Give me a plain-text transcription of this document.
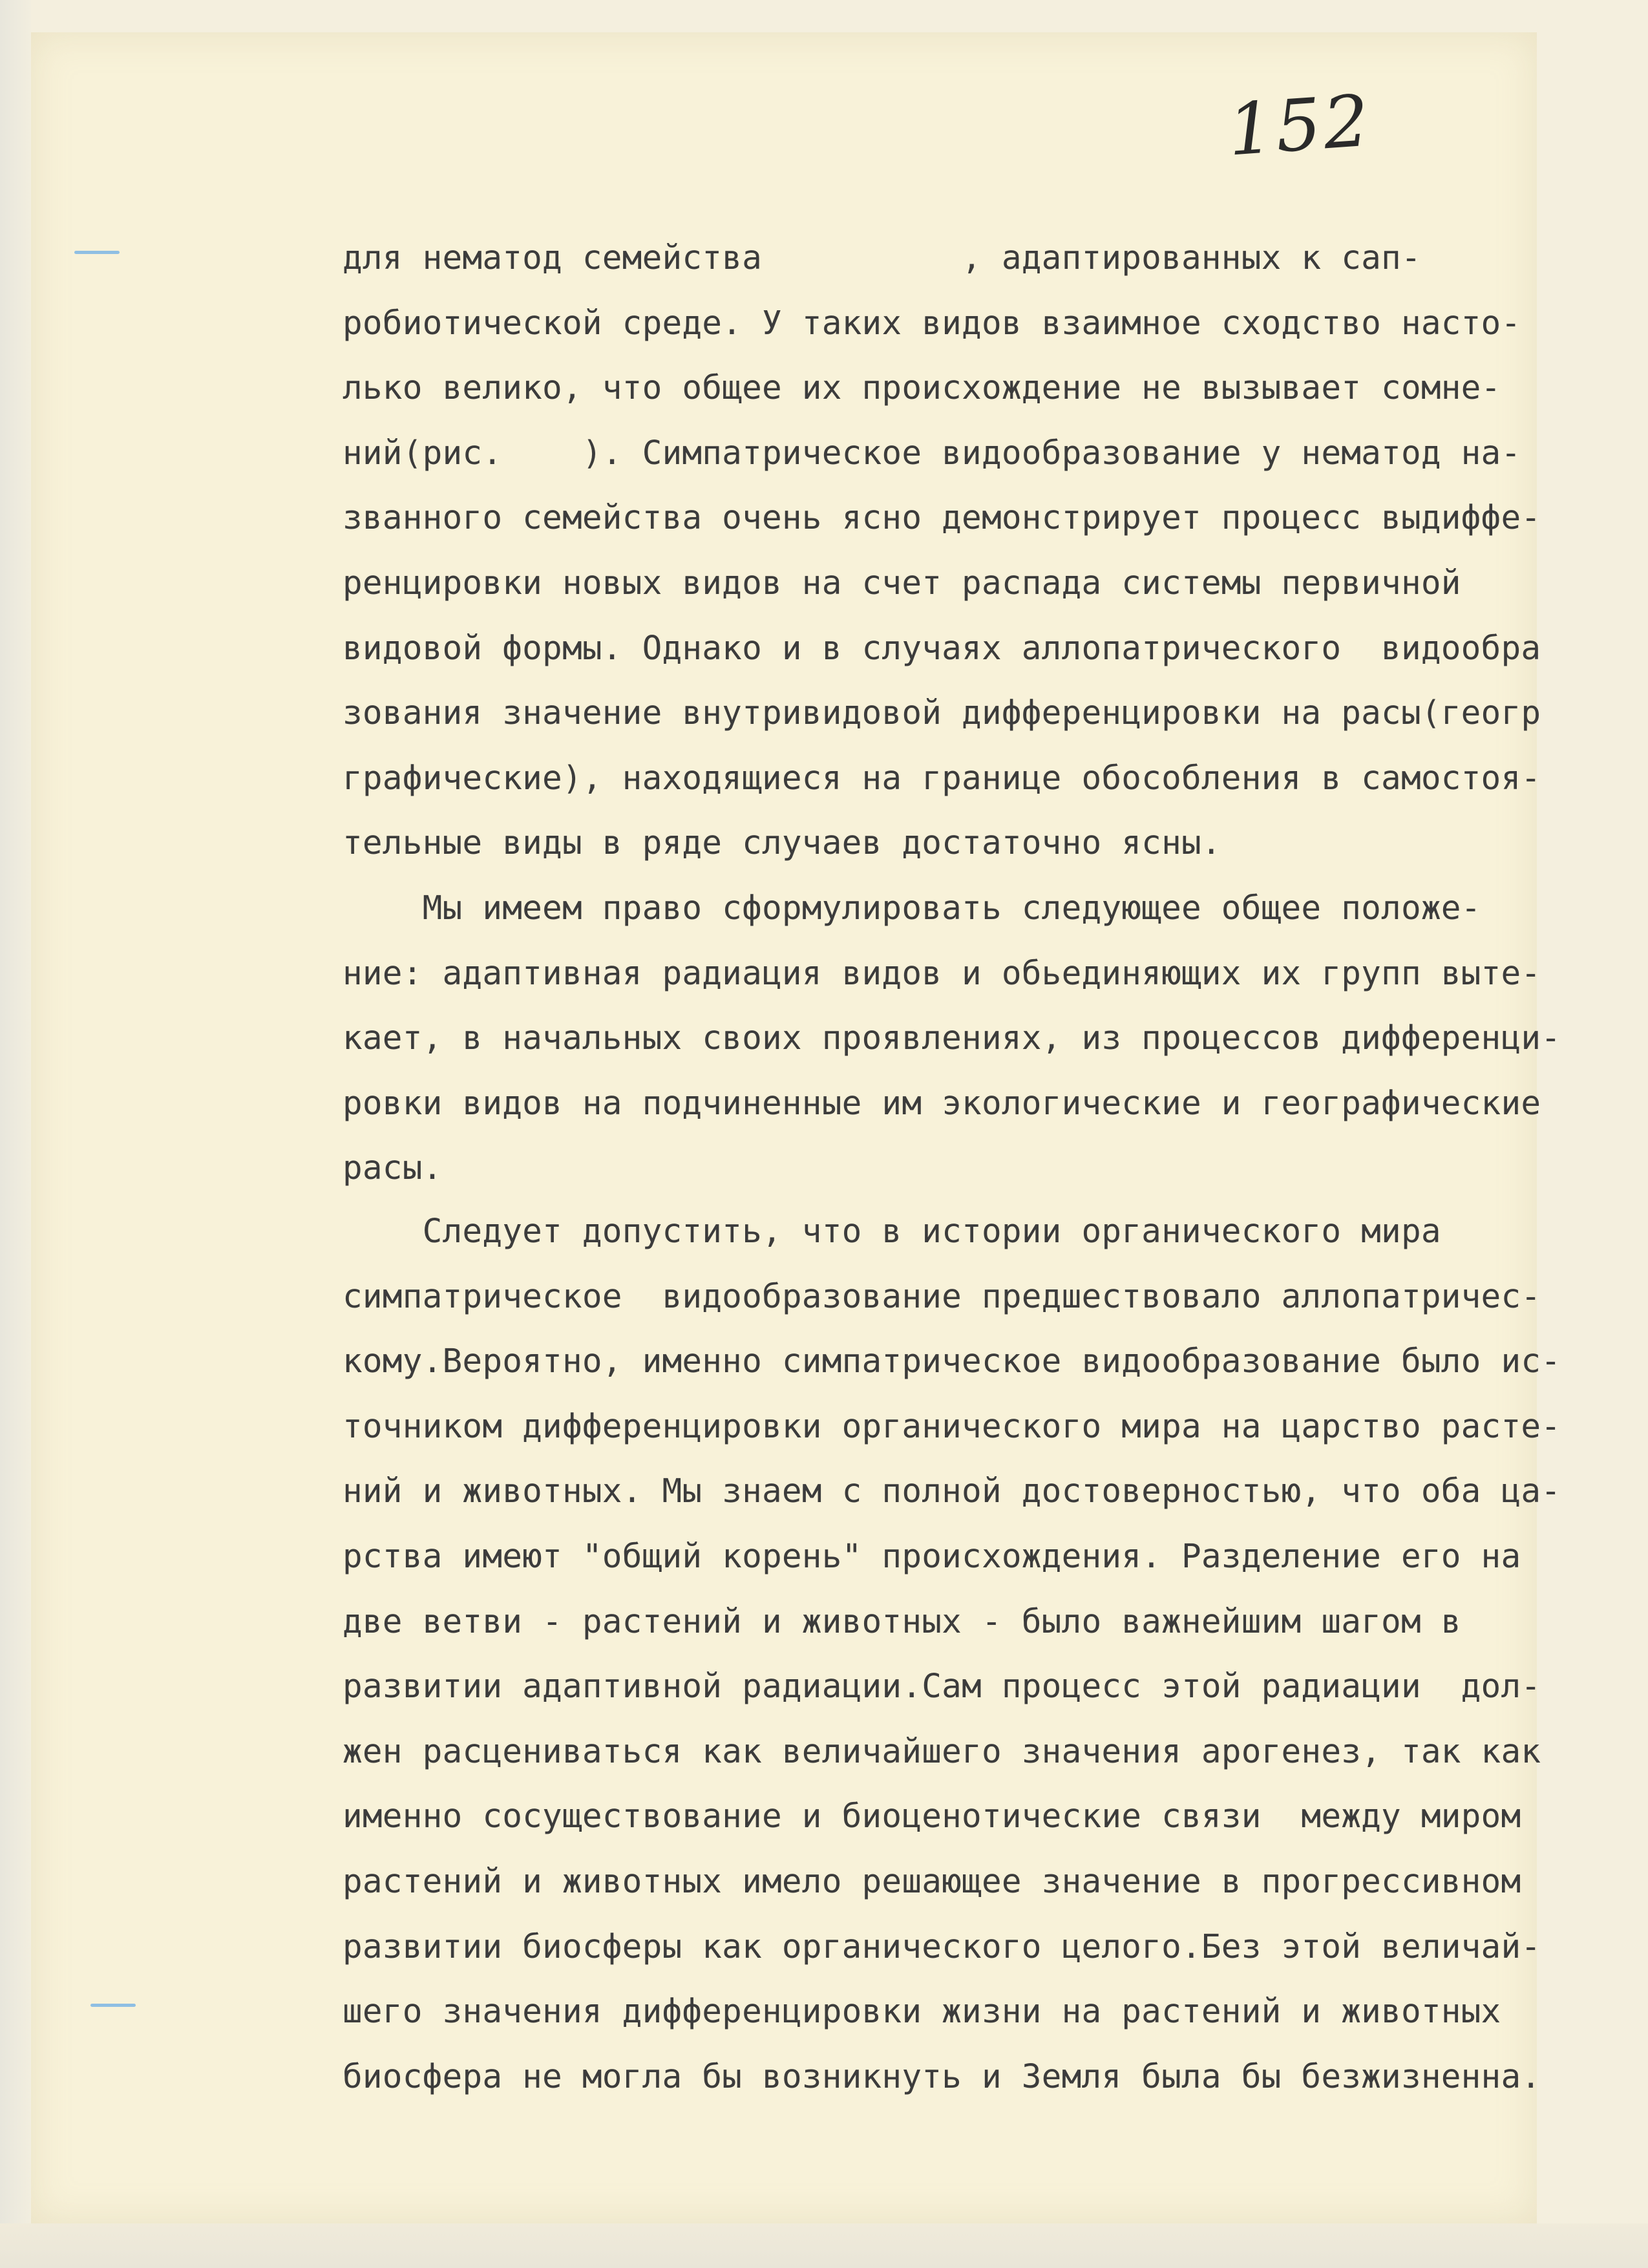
152
для нематод семейства          , адаптированных к сап-
робиотической среде. У таких видов взаимное сходство насто-
лько велико, что общее их происхождение не вызывает сомне-
ний(рис.    ). Симпатрическое видообразование у нематод на-
званного семейства очень ясно демонстрирует процесс выдиффе-
ренцировки новых видов на счет распада системы первичной
видовой формы. Однако и в случаях аллопатрического  видообра
зования значение внутривидовой дифференцировки на расы(геогр
графические), находящиеся на границе обособления в самостоя-
тельные виды в ряде случаев достаточно ясны.
Мы имеем право сформулировать следующее общее положе-
ние: адаптивная радиация видов и обьединяющих их групп выте-
кает, в начальных своих проявлениях, из процессов дифференци-
ровки видов на подчиненные им экологические и географические
расы.
Следует допустить, что в истории органического мира
симпатрическое  видообразование предшествовало аллопатричес-
кому.Вероятно, именно симпатрическое видообразование было ис-
точником дифференцировки органического мира на царство расте-
ний и животных. Мы знаем с полной достоверностью, что оба ца-
рства имеют "общий корень" происхождения. Разделение его на
две ветви - растений и животных - было важнейшим шагом в
развитии адаптивной радиации.Сам процесс этой радиации  дол-
жен расцениваться как величайшего значения арогенез, так как
именно сосуществование и биоценотические связи  между миром
растений и животных имело решающее значение в прогрессивном
развитии биосферы как органического целого.Без этой величай-
шего значения дифференцировки жизни на растений и животных
биосфера не могла бы возникнуть и Земля была бы безжизненна.
